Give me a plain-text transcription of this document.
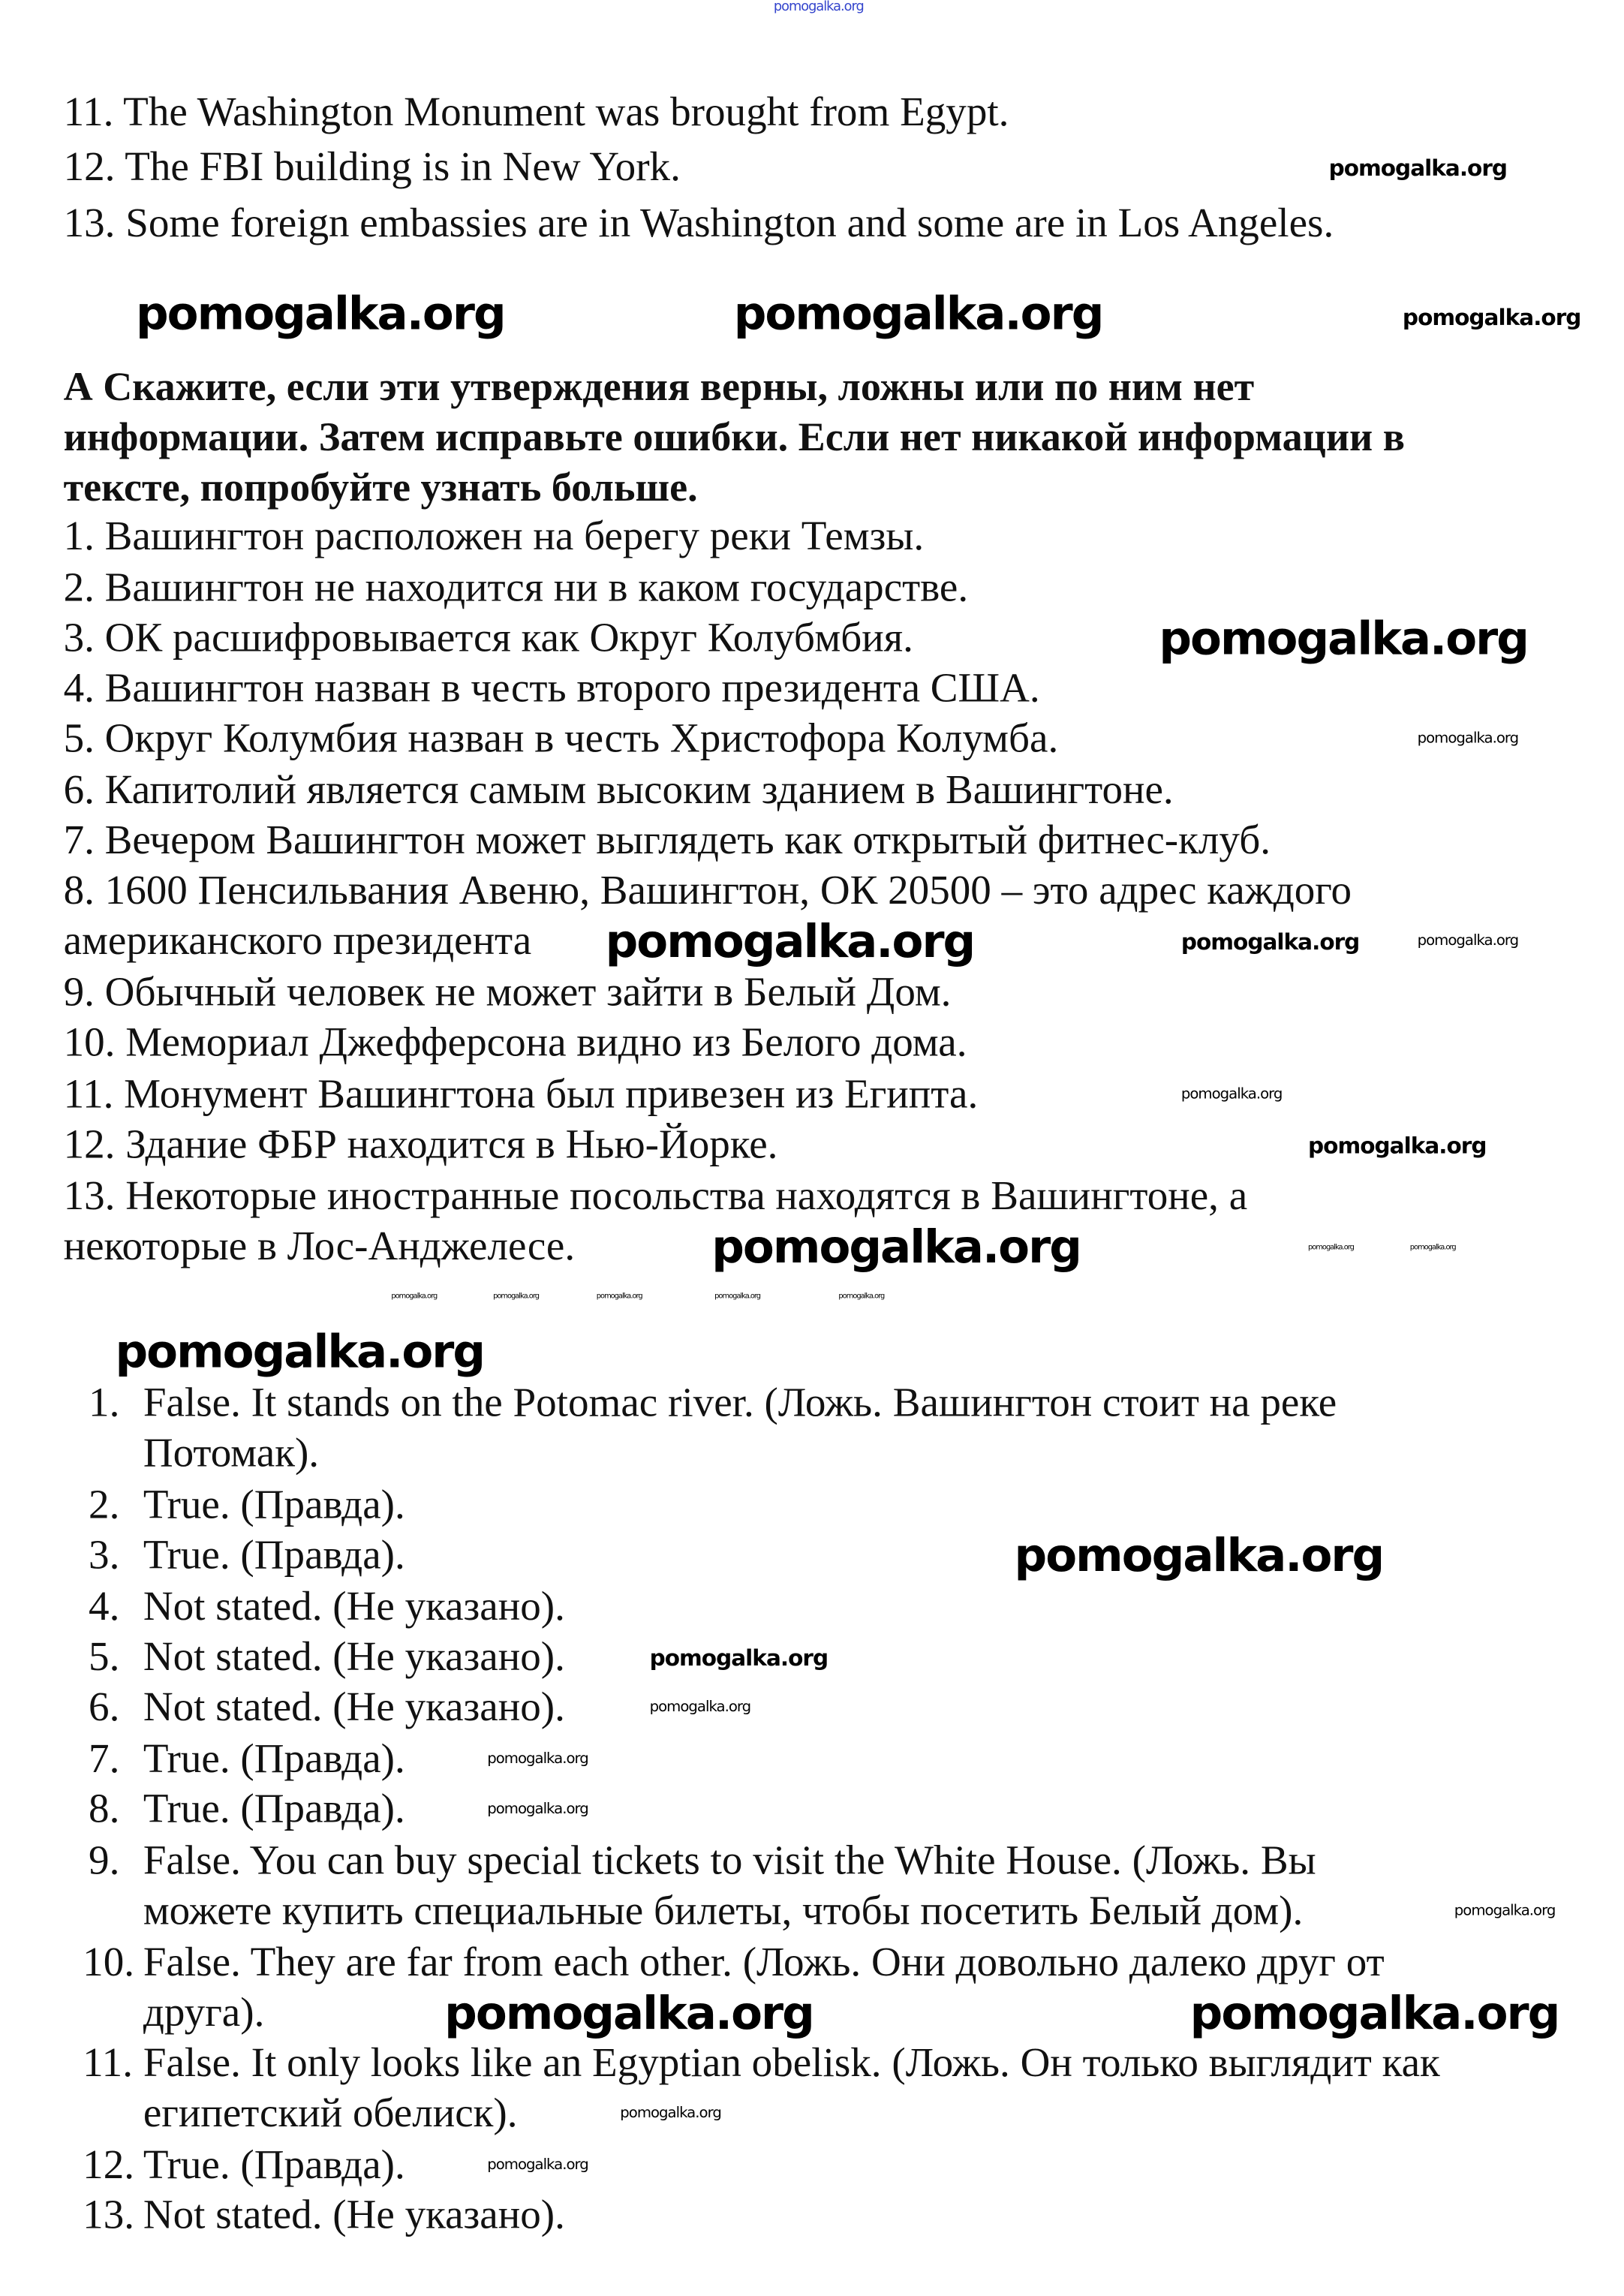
11. The Washington Monument was brought from Egypt.
12. The FBI building is in New York.
13. Some foreign embassies are in Washington and some are in Los Angeles.
А Скажите, если эти утверждения верны, ложны или по ним нет
информации. Затем исправьте ошибки. Если нет никакой информации в
тексте, попробуйте узнать больше.
1. Вашингтон расположен на берегу реки Темзы.
2. Вашингтон не находится ни в каком государстве.
3. ОК расшифровывается как Округ Колубмбия.
4. Вашингтон назван в честь второго президента США.
5. Округ Колумбия назван в честь Христофора Колумба.
6. Капитолий является самым высоким зданием в Вашингтоне.
7. Вечером Вашингтон может выглядеть как открытый фитнес-клуб.
8. 1600 Пенсильвания Авеню, Вашингтон, ОК 20500 – это адрес каждого
американского президента
9. Обычный человек не может зайти в Белый Дом.
10. Мемориал Джефферсона видно из Белого дома.
11. Монумент Вашингтона был привезен из Египта.
12. Здание ФБР находится в Нью-Йорке.
13. Некоторые иностранные посольства находятся в Вашингтоне, а
некоторые в Лос-Анджелесе.
1. False. It stands on the Potomac river. (Ложь. Вашингтон стоит на реке
Потомак).
2. True. (Правда).
3. True. (Правда).
4. Not stated. (Не указано).
5. Not stated. (Не указано).
6. Not stated. (Не указано).
7. True. (Правда).
8. True. (Правда).
9. False. You can buy special tickets to visit the White House. (Ложь. Вы
можете купить специальные билеты, чтобы посетить Белый дом).
10. False. They are far from each other. (Ложь. Они довольно далеко друг от
друга).
11. False. It only looks like an Egyptian obelisk. (Ложь. Он только выглядит как
египетский обелиск).
12. True. (Правда).
13. Not stated. (Не указано).
pomogalka.org
pomogalka.org	pomogalka.org
pomogalka.org
pomogalka.org
pomogalka.org
pomogalka.org
pomogalka.org
pomogalka.org	pomogalka.org
pomogalka.org
pomogalka.org
pomogalka.org
pomogalka.org
pomogalka.org
pomogalka.org
pomogalka.org
pomogalka.org
pomogalka.org
pomogalka.org
pomogalka.org
pomogalka.org
pomogalka.org
pomogalka.org
pomogalka.org	pomogalka.org	pomogalka.org	pomogalka.org	pomogalka.org
pomogalka.org	pomogalka.org
